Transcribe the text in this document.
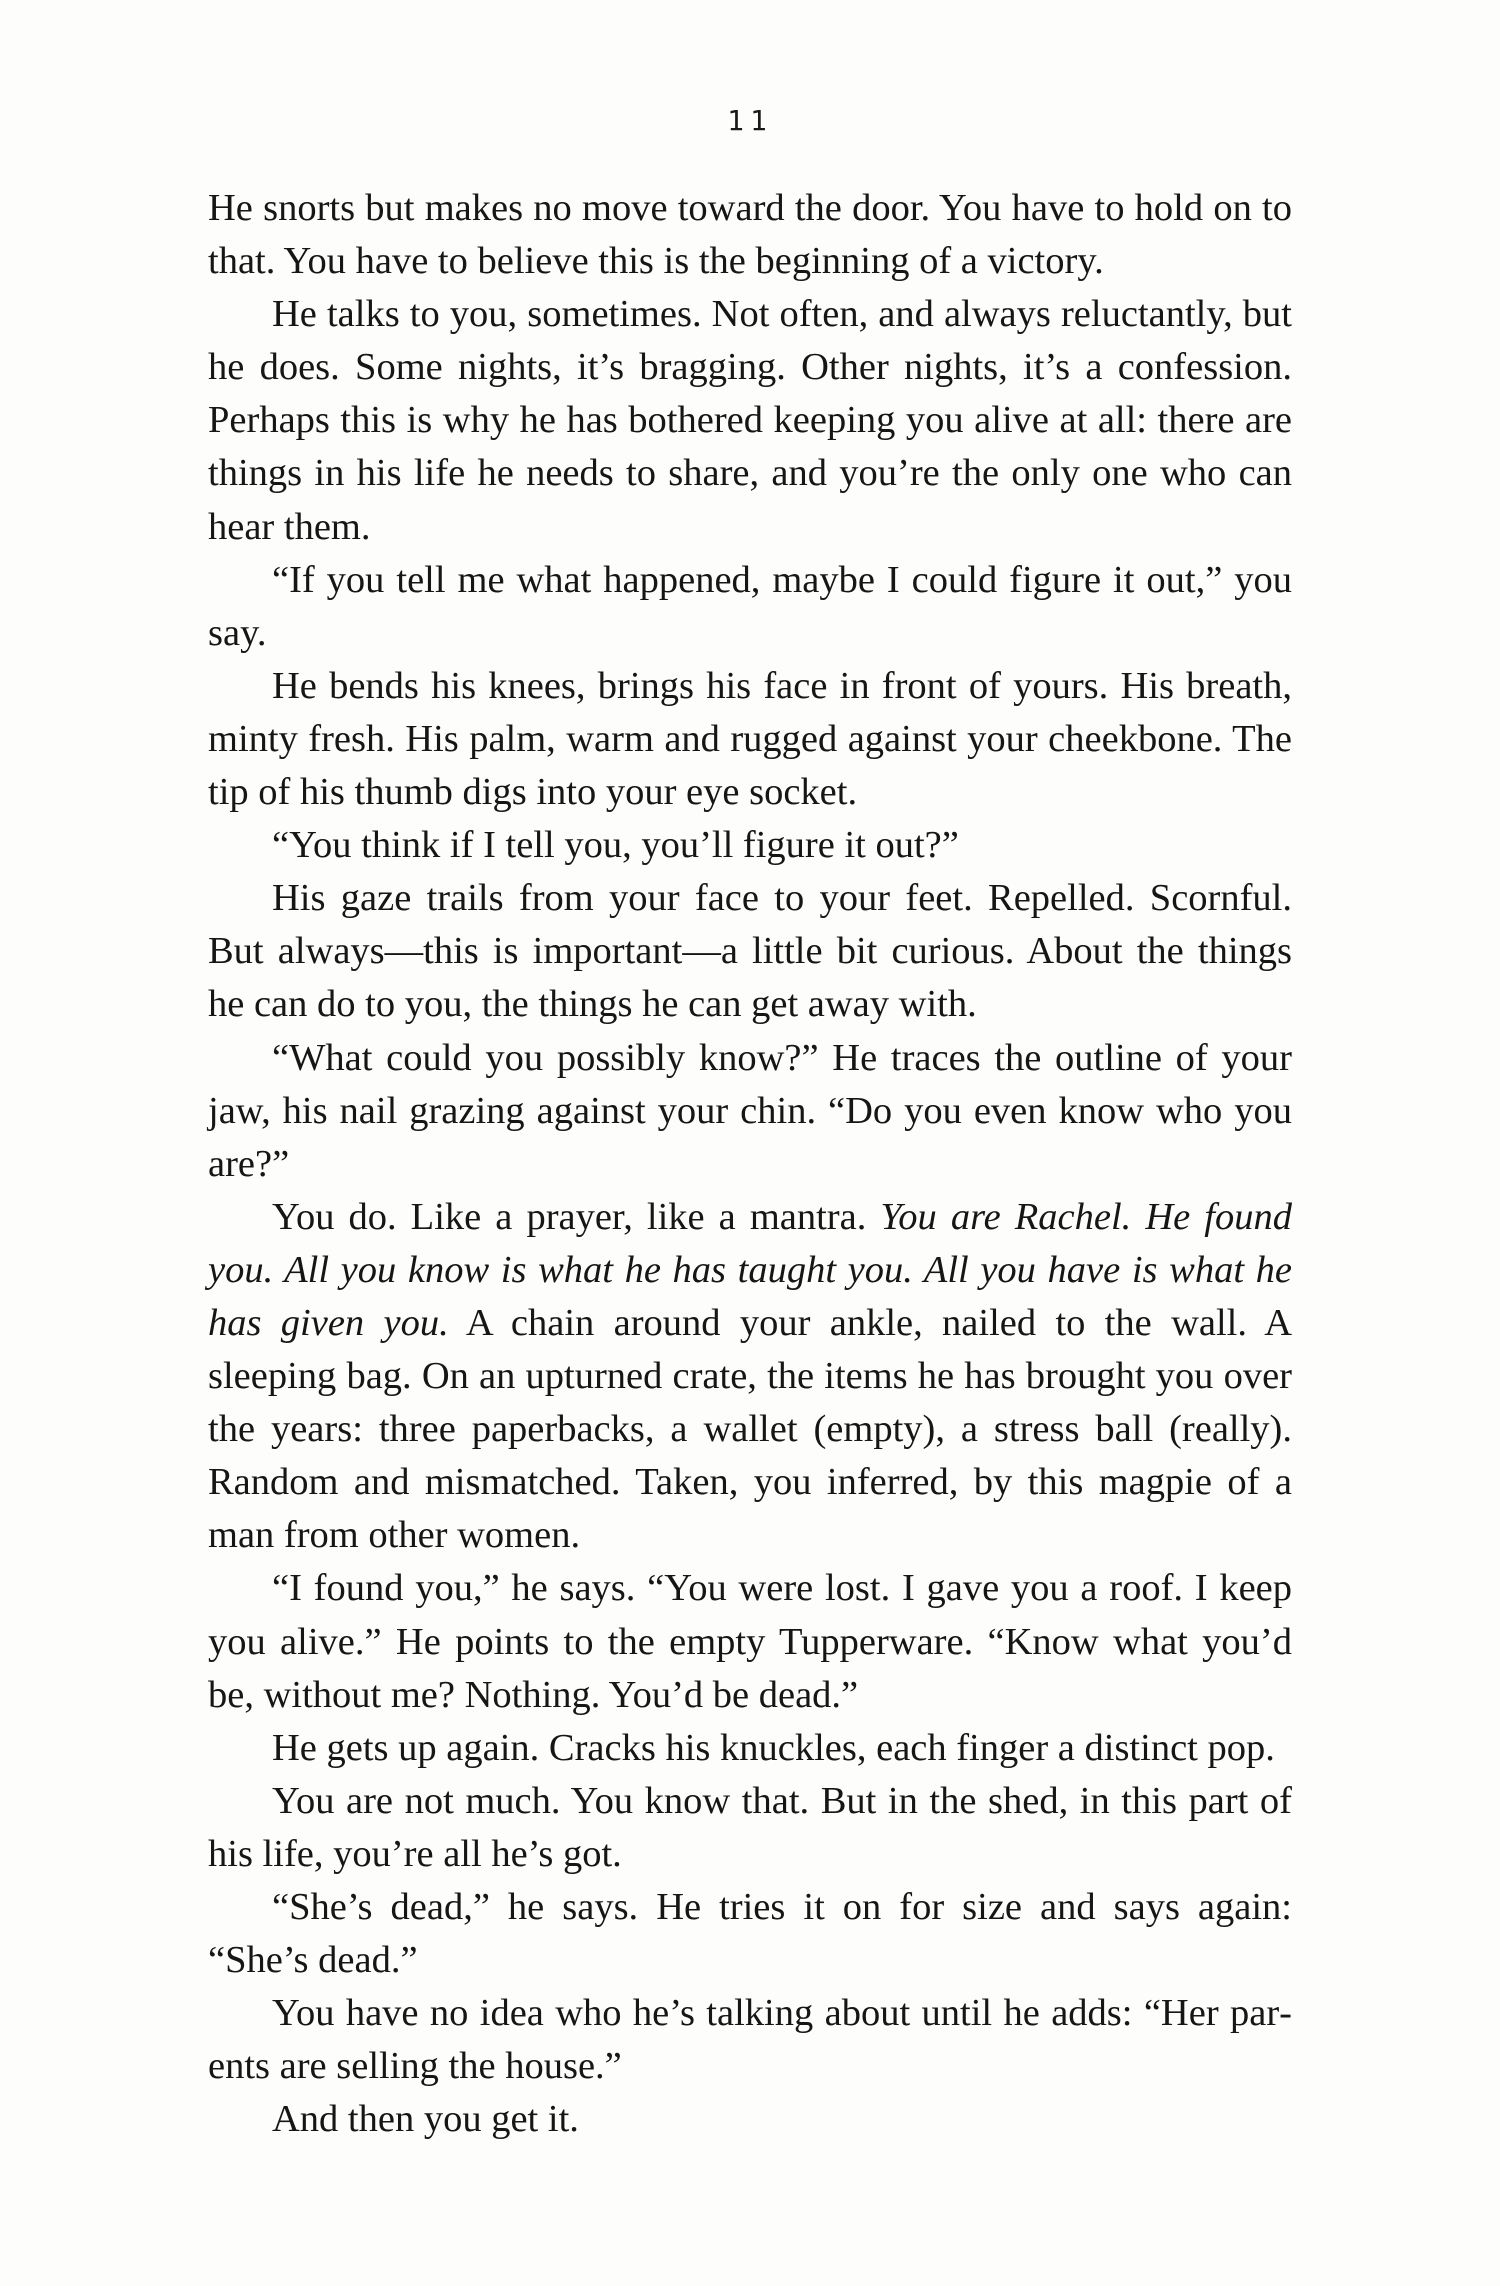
11

He snorts but makes no move toward the door. You have to hold on to that. You have to believe this is the beginning of a victory.

He talks to you, sometimes. Not often, and always reluctantly, but he does. Some nights, it’s bragging. Other nights, it’s a confession. Perhaps this is why he has bothered keeping you alive at all: there are things in his life he needs to share, and you’re the only one who can hear them.

“If you tell me what happened, maybe I could figure it out,” you say.

He bends his knees, brings his face in front of yours. His breath, minty fresh. His palm, warm and rugged against your cheekbone. The tip of his thumb digs into your eye socket.

“You think if I tell you, you’ll figure it out?”

His gaze trails from your face to your feet. Repelled. Scornful. But always—this is important—a little bit curious. About the things he can do to you, the things he can get away with.

“What could you possibly know?” He traces the outline of your jaw, his nail grazing against your chin. “Do you even know who you are?”

You do. Like a prayer, like a mantra. You are Rachel. He found you. All you know is what he has taught you. All you have is what he has given you. A chain around your ankle, nailed to the wall. A sleeping bag. On an upturned crate, the items he has brought you over the years: three paperbacks, a wallet (empty), a stress ball (really). Random and mismatched. Taken, you inferred, by this magpie of a man from other women.

“I found you,” he says. “You were lost. I gave you a roof. I keep you alive.” He points to the empty Tupperware. “Know what you’d be, without me? Nothing. You’d be dead.”

He gets up again. Cracks his knuckles, each finger a distinct pop.

You are not much. You know that. But in the shed, in this part of his life, you’re all he’s got.

“She’s dead,” he says. He tries it on for size and says again: “She’s dead.”

You have no idea who he’s talking about until he adds: “Her parents are selling the house.”

And then you get it.
